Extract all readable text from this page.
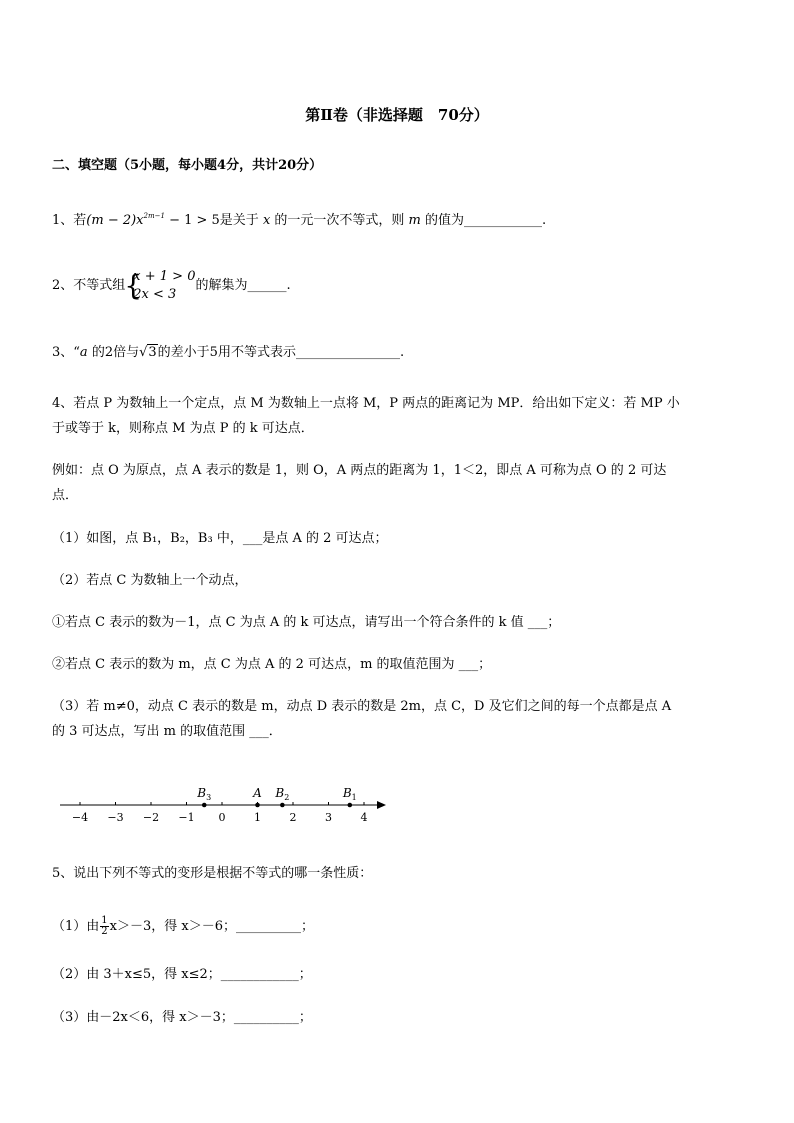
第Ⅱ卷（非选择题　70分）
二、填空题（5小题，每小题4分，共计20分）
1、若$(m - 2)x^{2m-1} - 1 > 5$是关于 x 的一元一次不等式，则 m 的值为____________.
2、不等式组 {
x + 1 > 0
2x < 3
的解集为______.
3、“a 的2倍与√3的差小于5用不等式表示________________.
4、若点 P 为数轴上一个定点，点 M 为数轴上一点将 M，P 两点的距离记为 MP．给出如下定义：若 MP 小
于或等于 k，则称点 M 为点 P 的 k 可达点．
例如：点 O 为原点，点 A 表示的数是 1，则 O，A 两点的距离为 1，1＜2，即点 A 可称为点 O 的 2 可达
点．
（1）如图，点 B₁，B₂，B₃ 中，___是点 A 的 2 可达点；
（2）若点 C 为数轴上一个动点，
①若点 C 表示的数为－1，点 C 为点 A 的 k 可达点，请写出一个符合条件的 k 值 ___；
②若点 C 表示的数为 m，点 C 为点 A 的 2 可达点，m 的取值范围为 ___；
（3）若 m≠0，动点 C 表示的数是 m，动点 D 表示的数是 2m，点 C，D 及它们之间的每一个点都是点 A
的 3 可达点，写出 m 的取值范围 ___．
−4 −3 −2 −1 0	1	2	3	4
$B_3$	A $B_2$	$B_1$
5、说出下列不等式的变形是根据不等式的哪一条性质：
（1）由 $\frac{1}{2} x>-3$，得 x＞－6；__________；
（2）由 3＋x≤5，得 x≤2；____________；
（3）由－2x＜6，得 x＞－3；__________；
